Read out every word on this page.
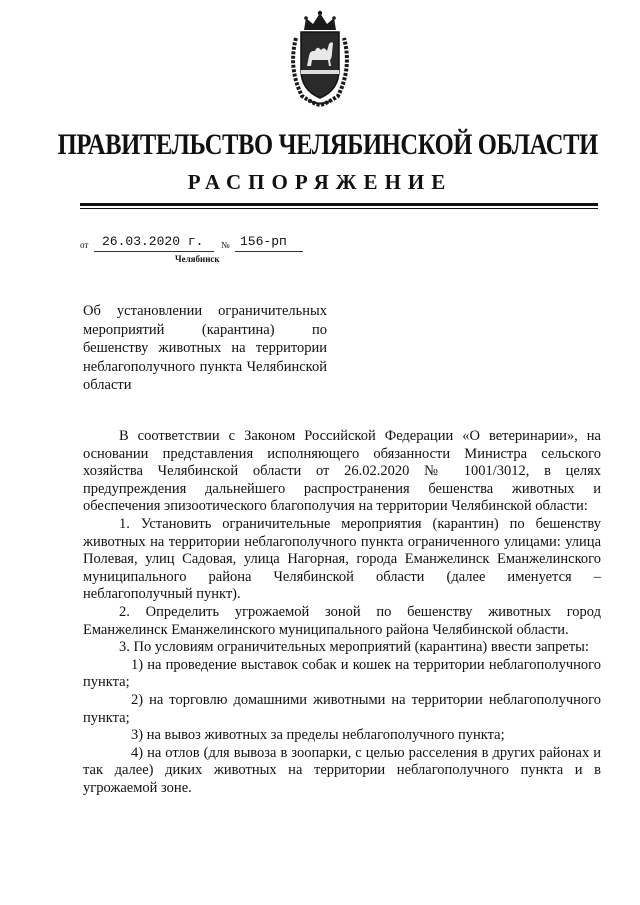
ПРАВИТЕЛЬСТВО ЧЕЛЯБИНСКОЙ ОБЛАСТИ
РАСПОРЯЖЕНИЕ
от 26.03.2020 г. № 156-рп
Челябинск
Об установлении ограничительных мероприятий (карантина) по бешенству животных на территории неблагополучного пункта Челябинской области

В соответствии с Законом Российской Федерации «О ветеринарии», на основании представления исполняющего обязанности Министра сельского хозяйства Челябинской области от 26.02.2020 № 1001/3012, в целях предупреждения дальнейшего распространения бешенства животных и обеспечения эпизоотического благополучия на территории Челябинской области:

1. Установить ограничительные мероприятия (карантин) по бешенству животных на территории неблагополучного пункта ограниченного улицами: улица Полевая, улиц Садовая, улица Нагорная, города Еманжелинск Еманжелинского муниципального района Челябинской области (далее именуется – неблагополучный пункт).

2. Определить угрожаемой зоной по бешенству животных город Еманжелинск Еманжелинского муниципального района Челябинской области.

3. По условиям ограничительных мероприятий (карантина) ввести запреты:

1) на проведение выставок собак и кошек на территории неблагополучного пункта;

2) на торговлю домашними животными на территории неблагополучного пункта;

3) на вывоз животных за пределы неблагополучного пункта;

4) на отлов (для вывоза в зоопарки, с целью расселения в других районах и так далее) диких животных на территории неблагополучного пункта и в угрожаемой зоне.
